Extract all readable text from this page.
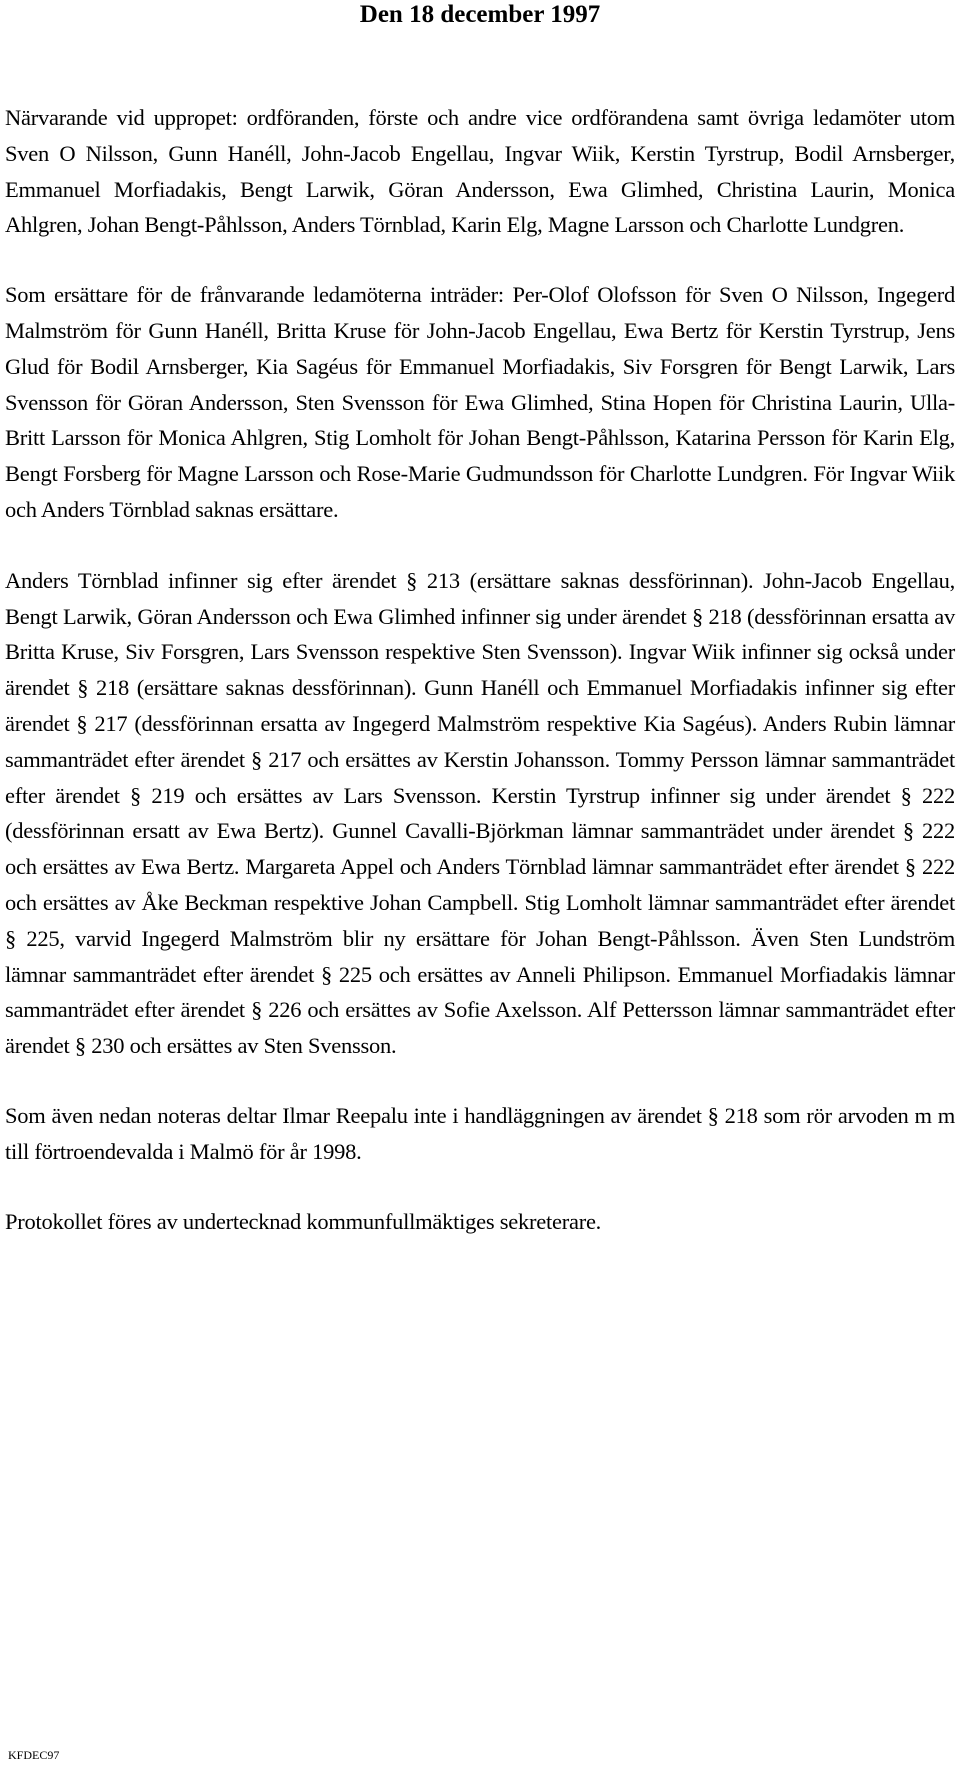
Den 18 december 1997

Närvarande vid uppropet: ordföranden, förste och andre vice ordförandena samt övriga ledamöter utom Sven O Nilsson, Gunn Hanéll, John-Jacob Engellau, Ingvar Wiik, Kerstin Tyrstrup, Bodil Arnsberger, Emmanuel Morfiadakis, Bengt Larwik, Göran Andersson, Ewa Glimhed, Christina Laurin, Monica Ahlgren, Johan Bengt-Påhlsson, Anders Törnblad, Karin Elg, Magne Larsson och Charlotte Lundgren.

Som ersättare för de frånvarande ledamöterna inträder: Per-Olof Olofsson för Sven O Nilsson, Ingegerd Malmström för Gunn Hanéll, Britta Kruse för John-Jacob Engellau, Ewa Bertz för Kerstin Tyrstrup, Jens Glud för Bodil Arnsberger, Kia Sagéus för Emmanuel Morfiadakis, Siv Forsgren för Bengt Larwik, Lars Svensson för Göran Andersson, Sten Svensson för Ewa Glimhed, Stina Hopen för Christina Laurin, Ulla-Britt Larsson för Monica Ahlgren, Stig Lomholt för Johan Bengt-Påhlsson, Katarina Persson för Karin Elg, Bengt Forsberg för Magne Larsson och Rose-Marie Gudmundsson för Charlotte Lundgren. För Ingvar Wiik och Anders Törnblad saknas ersättare.

Anders Törnblad infinner sig efter ärendet § 213 (ersättare saknas dessförinnan). John-Jacob Engellau, Bengt Larwik, Göran Andersson och Ewa Glimhed infinner sig under ärendet § 218 (dessförinnan ersatta av Britta Kruse, Siv Forsgren, Lars Svensson respektive Sten Svensson). Ingvar Wiik infinner sig också under ärendet § 218 (ersättare saknas dessförinnan). Gunn Hanéll och Emmanuel Morfiadakis infinner sig efter ärendet § 217 (dessförinnan ersatta av Ingegerd Malmström respektive Kia Sagéus). Anders Rubin lämnar sammanträdet efter ärendet § 217 och ersättes av Kerstin Johansson. Tommy Persson lämnar sammanträdet efter ärendet § 219 och ersättes av Lars Svensson. Kerstin Tyrstrup infinner sig under ärendet § 222 (dessförinnan ersatt av Ewa Bertz). Gunnel Cavalli-Björkman lämnar sammanträdet under ärendet § 222 och ersättes av Ewa Bertz. Margareta Appel och Anders Törnblad lämnar sammanträdet efter ärendet § 222 och ersättes av Åke Beckman respektive Johan Campbell. Stig Lomholt lämnar sammanträdet efter ärendet § 225, varvid Ingegerd Malmström blir ny ersättare för Johan Bengt-Påhlsson. Även Sten Lundström lämnar sammanträdet efter ärendet § 225 och ersättes av Anneli Philipson. Emmanuel Morfiadakis lämnar sammanträdet efter ärendet § 226 och ersättes av Sofie Axelsson. Alf Pettersson lämnar sammanträdet efter ärendet § 230 och ersättes av Sten Svensson.

Som även nedan noteras deltar Ilmar Reepalu inte i handläggningen av ärendet § 218 som rör arvoden m m till förtroendevalda i Malmö för år 1998.

Protokollet föres av undertecknad kommunfullmäktiges sekreterare.

KFDEC97
